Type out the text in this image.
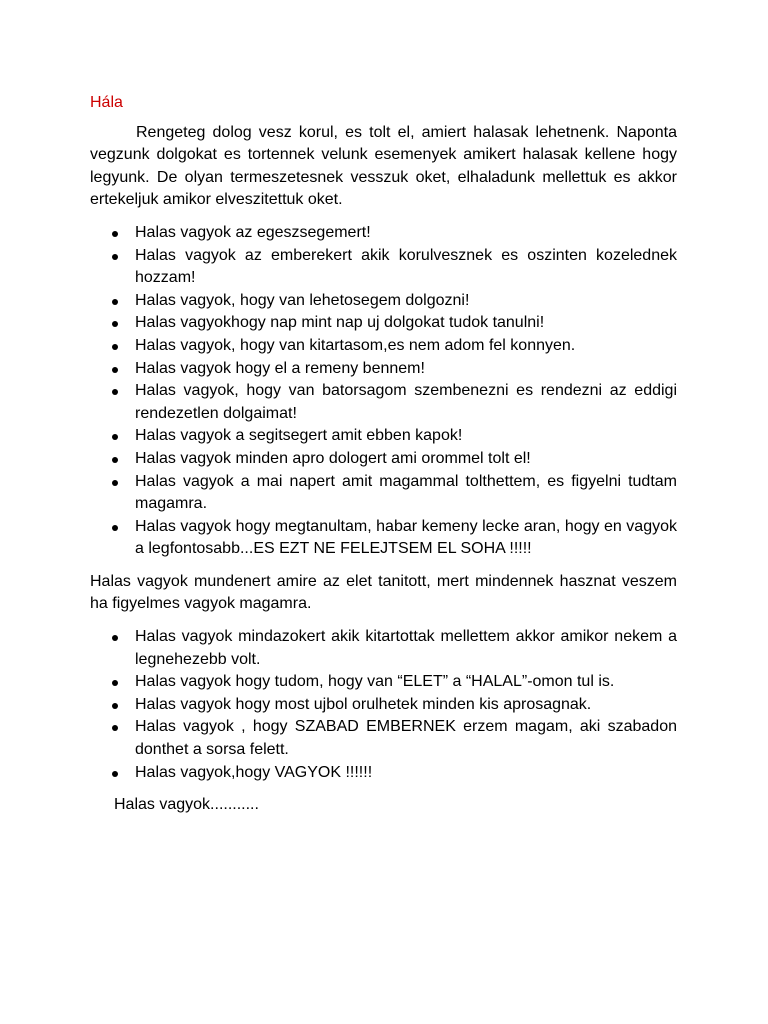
Hála

Rengeteg dolog vesz korul, es tolt el, amiert halasak lehetnenk. Naponta vegzunk dolgokat es tortennek velunk esemenyek amikert halasak kellene hogy legyunk. De olyan termeszetesnek vesszuk oket, elhaladunk mellettuk es akkor ertekeljuk amikor elveszitettuk oket.

Halas vagyok az egeszsegemert!
Halas vagyok az emberekert akik korulvesznek es oszinten kozelednek hozzam!
Halas vagyok, hogy van lehetosegem dolgozni!
Halas vagyokhogy nap mint nap uj dolgokat tudok tanulni!
Halas vagyok, hogy van kitartasom,es nem adom fel konnyen.
Halas vagyok hogy el a remeny bennem!
Halas vagyok, hogy van batorsagom szembenezni es rendezni az eddigi rendezetlen dolgaimat!
Halas vagyok a segitsegert amit ebben kapok!
Halas vagyok minden apro dologert ami orommel tolt el!
Halas vagyok a mai napert amit magammal tolthettem, es figyelni tudtam magamra.
Halas vagyok hogy megtanultam, habar kemeny lecke aran, hogy en vagyok a legfontosabb...ES EZT NE FELEJTSEM EL SOHA !!!!!

Halas vagyok mundenert amire az elet tanitott, mert mindennek hasznat veszem ha figyelmes vagyok magamra.

Halas vagyok mindazokert akik kitartottak mellettem akkor amikor nekem a legnehezebb volt.
Halas vagyok hogy tudom, hogy van “ELET” a “HALAL”-omon tul is.
Halas vagyok hogy most ujbol orulhetek minden kis aprosagnak.
Halas vagyok , hogy SZABAD EMBERNEK erzem magam, aki szabadon donthet a sorsa felett.
Halas vagyok,hogy VAGYOK !!!!!!

Halas vagyok...........
